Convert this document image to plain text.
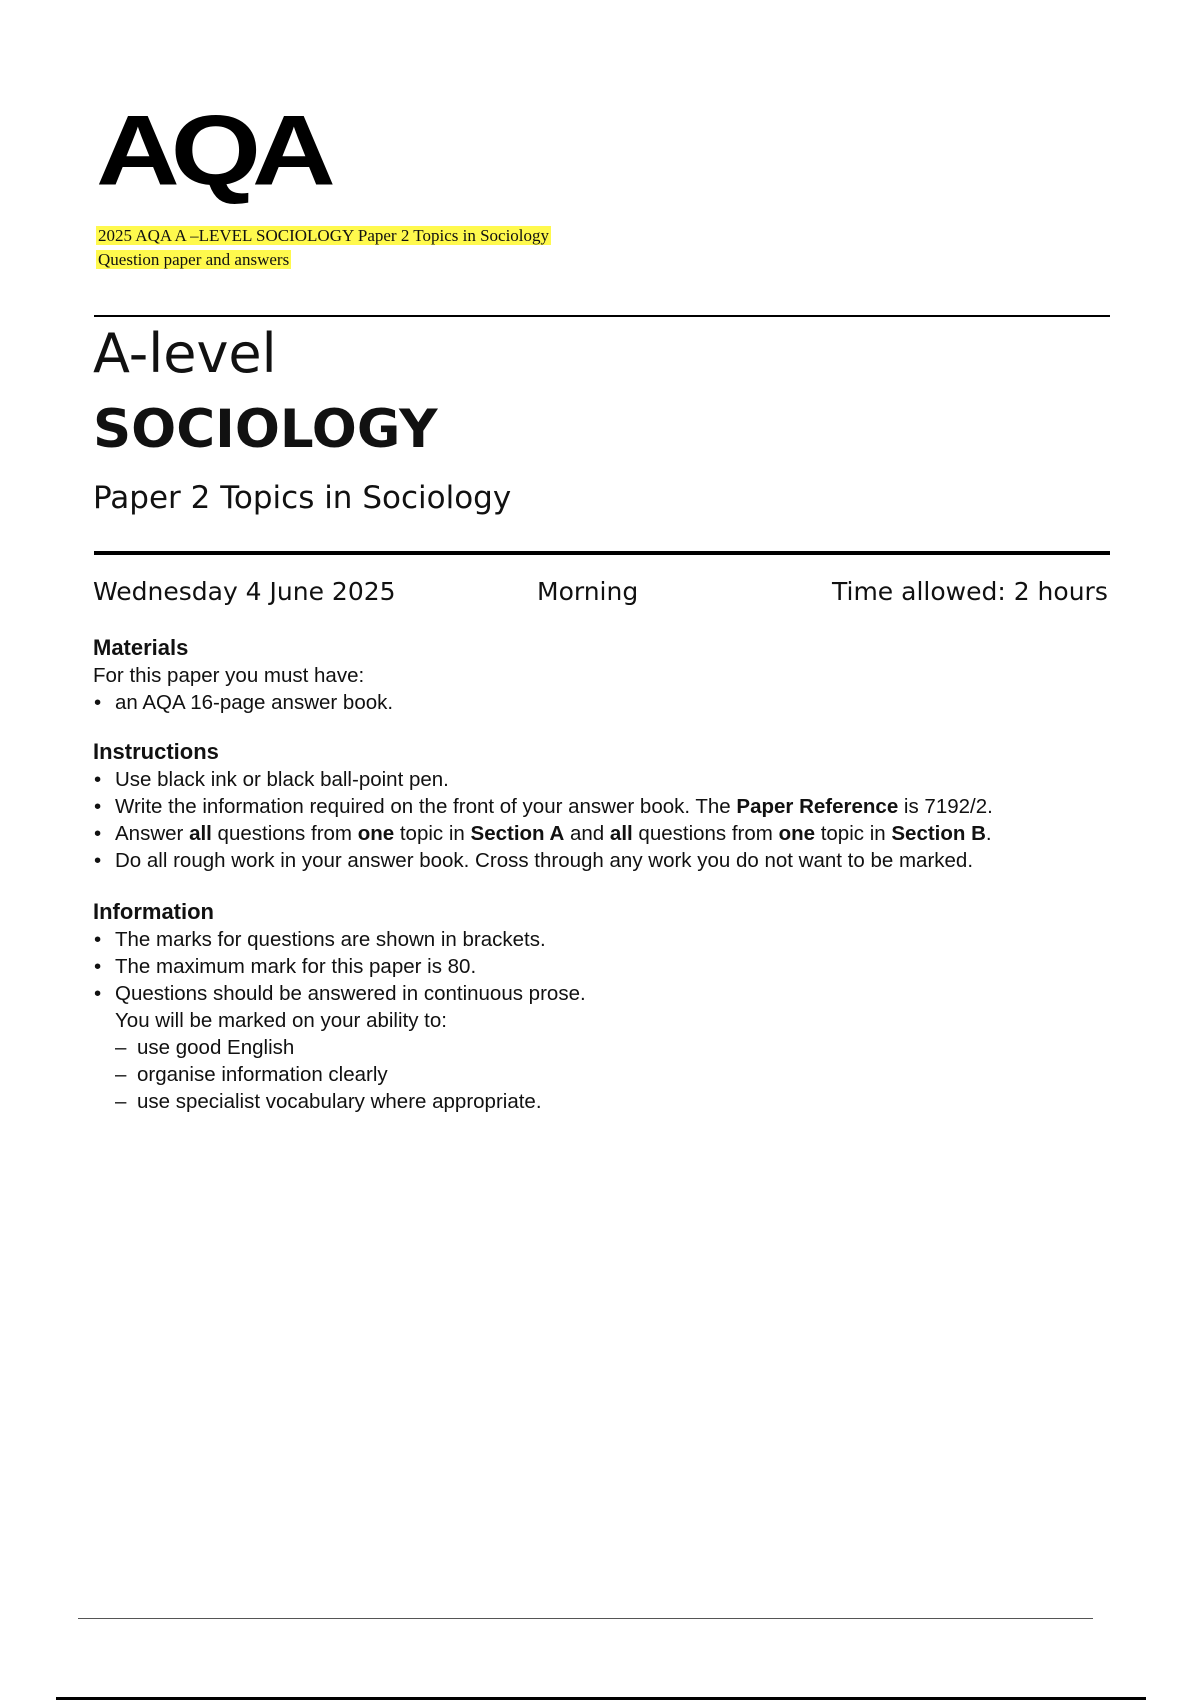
AQA
2025 AQA A –LEVEL SOCIOLOGY Paper 2 Topics in Sociology
Question paper and answers
A-level
SOCIOLOGY
Paper 2 Topics in Sociology
Wednesday 4 June 2025	Morning	Time allowed: 2 hours
Materials

For this paper you must have:

• an AQA 16-page answer book.
Instructions
• Use black ink or black ball-point pen.
• Write the information required on the front of your answer book. The Paper Reference is 7192/2.
• Answer all questions from one topic in Section A and all questions from one topic in Section B.
• Do all rough work in your answer book. Cross through any work you do not want to be marked.
Information
• The marks for questions are shown in brackets.
• The maximum mark for this paper is 80.
• Questions should be answered in continuous prose.
You will be marked on your ability to:
– use good English
– organise information clearly
– use specialist vocabulary where appropriate.
